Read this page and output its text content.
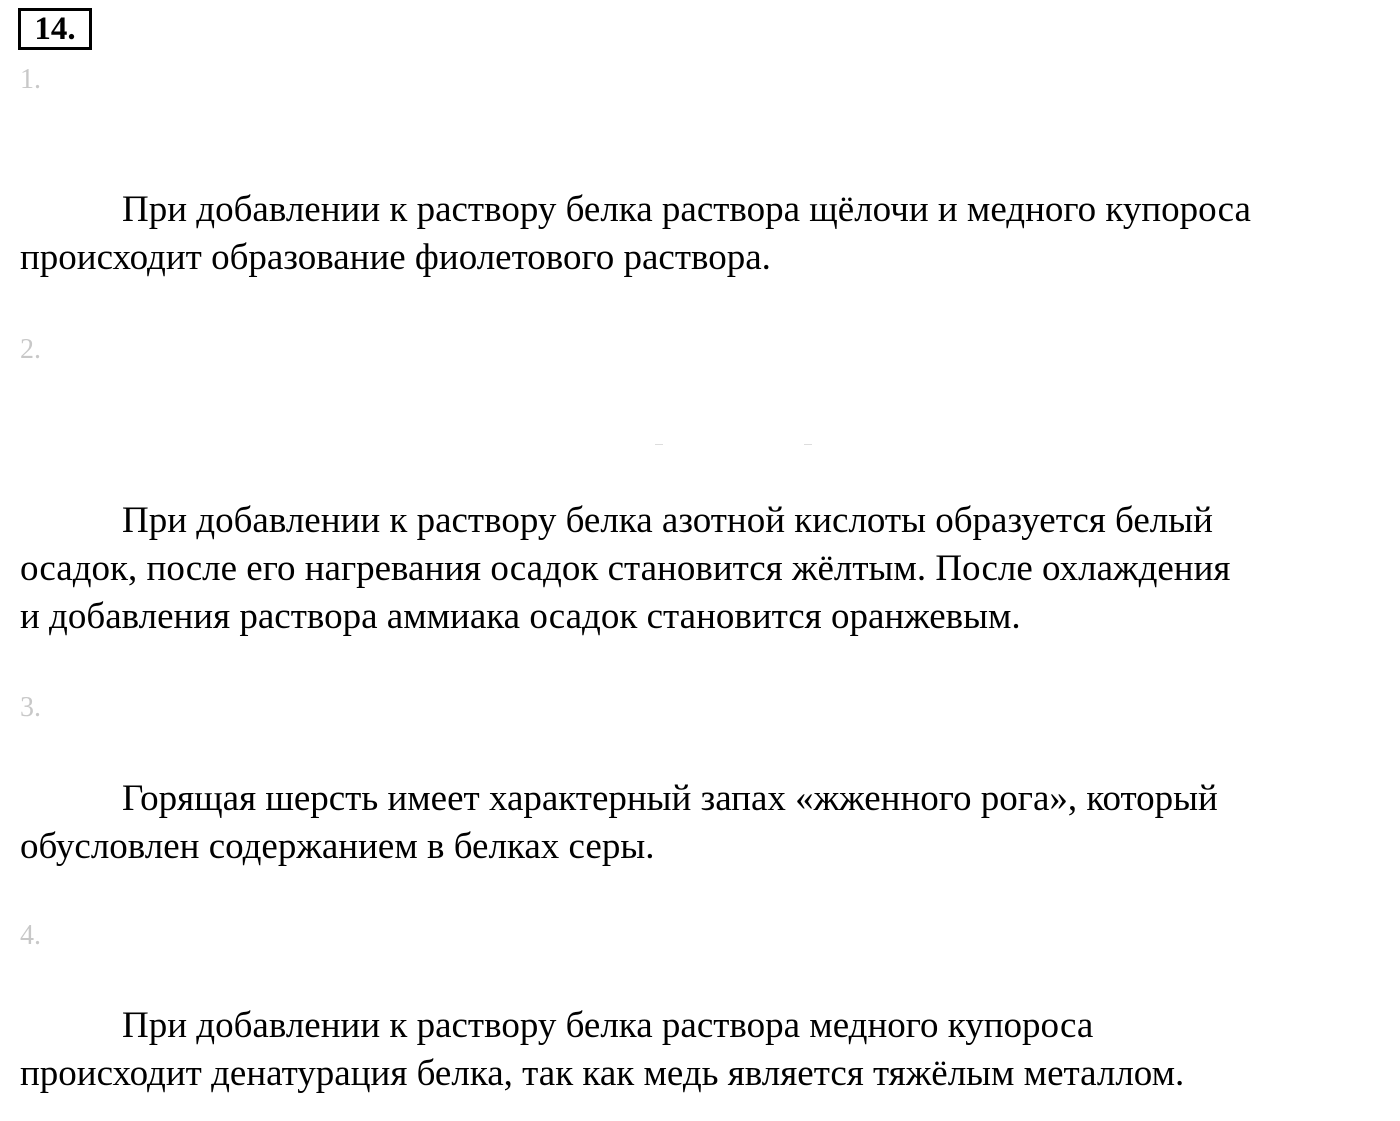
14.
1.
При добавлении к раствору белка раствора щёлочи и медного купороса
происходит образование фиолетового раствора.
2.
При добавлении к раствору белка азотной кислоты образуется белый
осадок, после его нагревания осадок становится жёлтым. После охлаждения
и добавления раствора аммиака осадок становится оранжевым.
3.
Горящая шерсть имеет характерный запах «жженного рога», который
обусловлен содержанием в белках серы.
4.
При добавлении к раствору белка раствора медного купороса
происходит денатурация белка, так как медь является тяжёлым металлом.
